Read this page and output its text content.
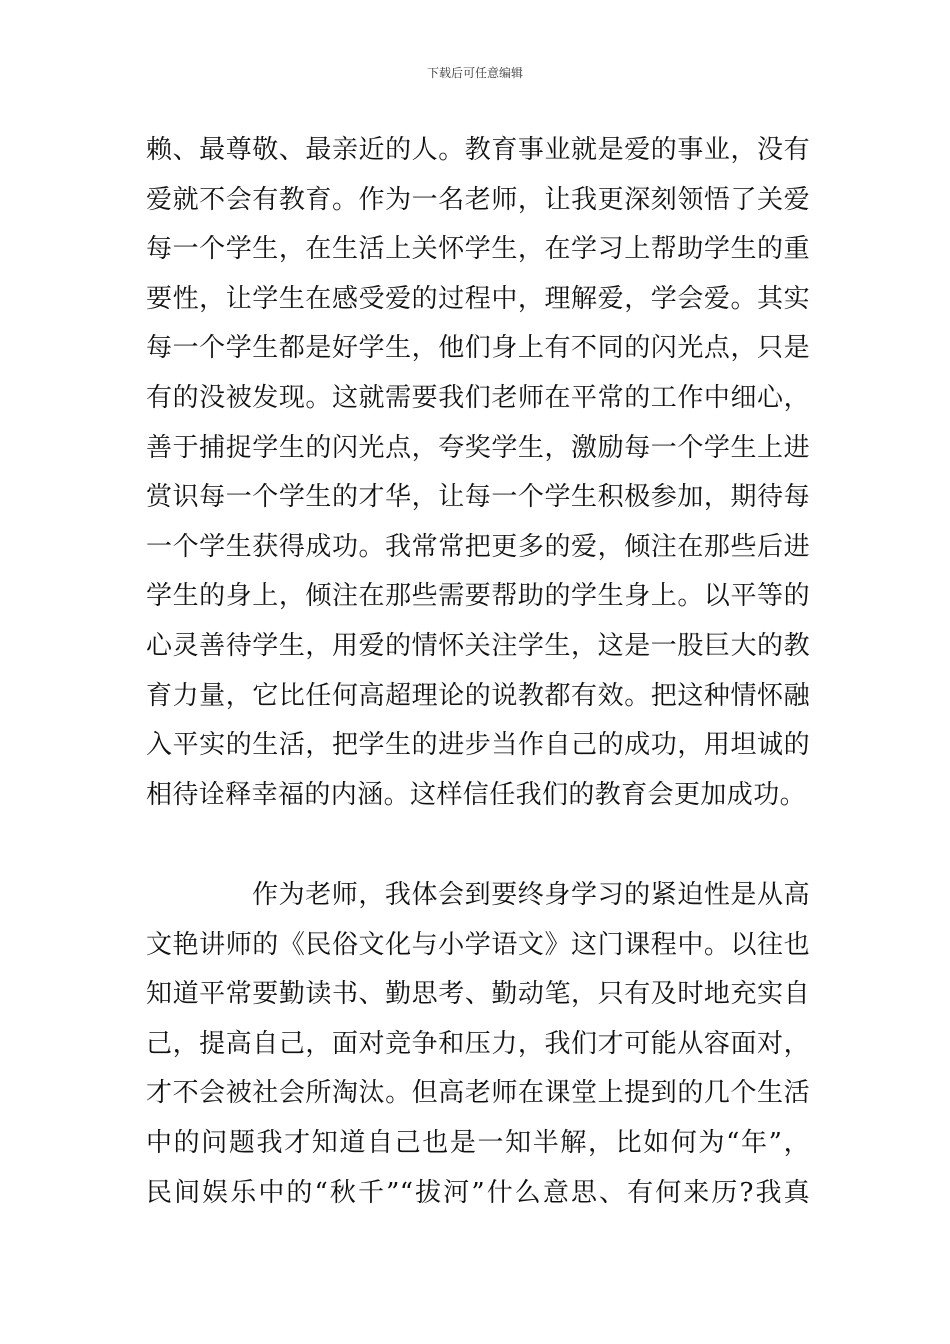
下载后可任意编辑
赖、最尊敬、最亲近的人。教育事业就是爱的事业，没有
爱就不会有教育。作为一名老师，让我更深刻领悟了关爱
每一个学生，在生活上关怀学生，在学习上帮助学生的重
要性，让学生在感受爱的过程中，理解爱，学会爱。其实
每一个学生都是好学生，他们身上有不同的闪光点，只是
有的没被发现。这就需要我们老师在平常的工作中细心，
善于捕捉学生的闪光点，夸奖学生，激励每一个学生上进
赏识每一个学生的才华，让每一个学生积极参加，期待每
一个学生获得成功。我常常把更多的爱，倾注在那些后进
学生的身上，倾注在那些需要帮助的学生身上。以平等的
心灵善待学生，用爱的情怀关注学生，这是一股巨大的教
育力量，它比任何高超理论的说教都有效。把这种情怀融
入平实的生活，把学生的进步当作自己的成功，用坦诚的
相待诠释幸福的内涵。这样信任我们的教育会更加成功。
作为老师，我体会到要终身学习的紧迫性是从高
文艳讲师的《民俗文化与小学语文》这门课程中。以往也
知道平常要勤读书、勤思考、勤动笔，只有及时地充实自
己，提高自己，面对竞争和压力，我们才可能从容面对，
才不会被社会所淘汰。但高老师在课堂上提到的几个生活
中的问题我才知道自己也是一知半解，比如何为“年”，
民间娱乐中的“秋千”“拔河”什么意思、有何来历?我真
